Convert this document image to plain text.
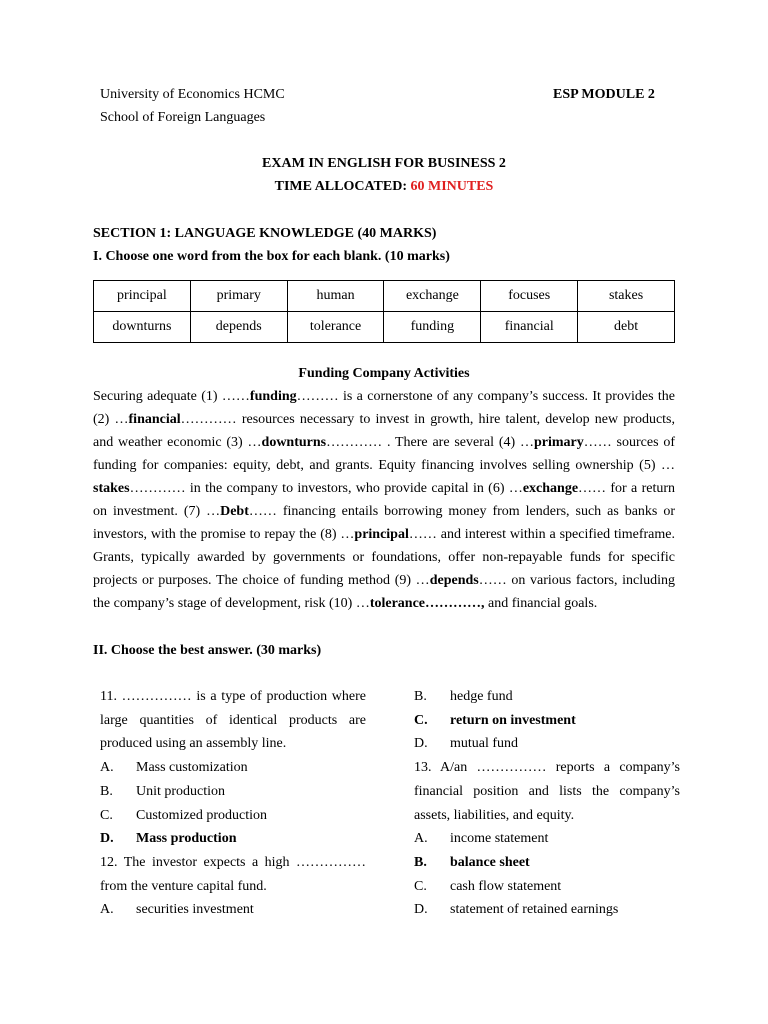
University of Economics HCMC
School of Foreign Languages
ESP MODULE 2
EXAM IN ENGLISH FOR BUSINESS 2
TIME ALLOCATED: 60 MINUTES
SECTION 1: LANGUAGE KNOWLEDGE (40 MARKS)
I. Choose one word from the box for each blank. (10 marks)
principal	primary	human	exchange	focuses	stakes
downturns	depends	tolerance	funding	financial	debt
Funding Company Activities
Securing adequate (1) ……funding……… is a cornerstone of any company’s success. It provides the (2) …financial………… resources necessary to invest in growth, hire talent, develop new products, and weather economic (3) …downturns………… . There are several (4) …primary…… sources of funding for companies: equity, debt, and grants. Equity financing involves selling ownership (5) … stakes………… in the company to investors, who provide capital in (6) …exchange…… for a return on investment. (7) …Debt…… financing entails borrowing money from lenders, such as banks or investors, with the promise to repay the (8) …principal…… and interest within a specified timeframe. Grants, typically awarded by governments or foundations, offer non-repayable funds for specific projects or purposes. The choice of funding method (9) …depends…… on various factors, including the company’s stage of development, risk (10) …tolerance…………, and financial goals.
II. Choose the best answer. (30 marks)
11. …………… is a type of production where large quantities of identical products are produced using an assembly line.
A.	Mass customization
B.	Unit production
C.	Customized production
D.	Mass production
12. The investor expects a high …………… from the venture capital fund.
A.	securities investment
B.	hedge fund
C.	return on investment
D.	mutual fund
13. A/an …………… reports a company’s financial position and lists the company’s assets, liabilities, and equity.
A.	income statement
B.	balance sheet
C.	cash flow statement
D.	statement of retained earnings
